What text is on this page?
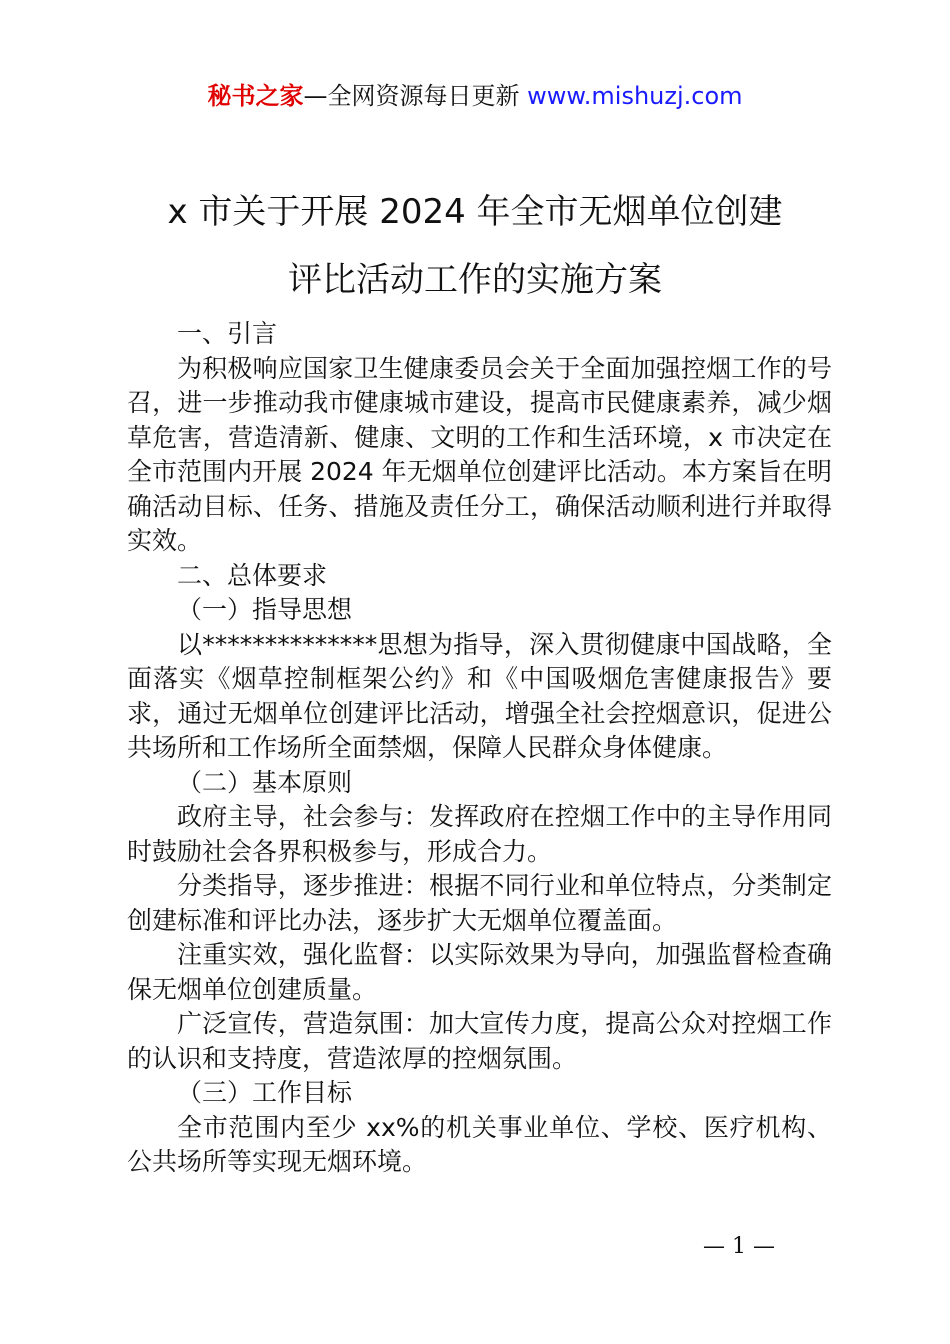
秘书之家—全网资源每日更新 www.mishuzj.com
x 市关于开展 2024 年全市无烟单位创建
评比活动工作的实施方案

一、引言

为积极响应国家卫生健康委员会关于全面加强控烟工作的号召，进一步推动我市健康城市建设，提高市民健康素养，减少烟草危害，营造清新、健康、文明的工作和生活环境，x 市决定在全市范围内开展 2024 年无烟单位创建评比活动。本方案旨在明确活动目标、任务、措施及责任分工，确保活动顺利进行并取得实效。

二、总体要求

（一）指导思想

以**************思想为指导，深入贯彻健康中国战略，全面落实《烟草控制框架公约》和《中国吸烟危害健康报告》要求，通过无烟单位创建评比活动，增强全社会控烟意识，促进公共场所和工作场所全面禁烟，保障人民群众身体健康。

（二）基本原则

政府主导，社会参与：发挥政府在控烟工作中的主导作用同时鼓励社会各界积极参与，形成合力。

分类指导，逐步推进：根据不同行业和单位特点，分类制定创建标准和评比办法，逐步扩大无烟单位覆盖面。

注重实效，强化监督：以实际效果为导向，加强监督检查确保无烟单位创建质量。

广泛宣传，营造氛围：加大宣传力度，提高公众对控烟工作的认识和支持度，营造浓厚的控烟氛围。

（三）工作目标

全市范围内至少 xx%的机关事业单位、学校、医疗机构、公共场所等实现无烟环境。

— 1 —
